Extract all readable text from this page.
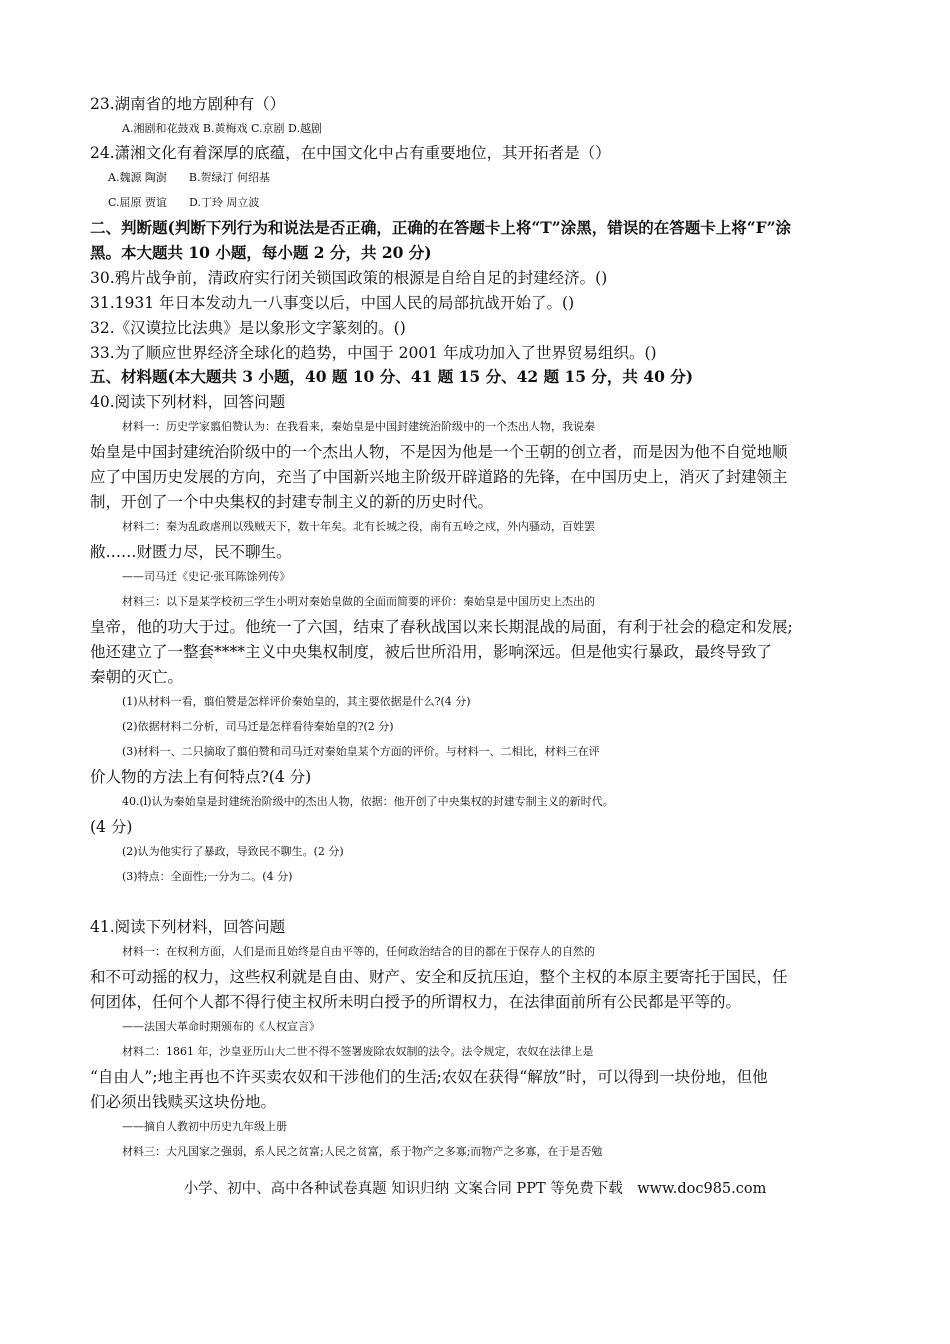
23.湖南省的地方剧种有（）
A.湘剧和花鼓戏 B.黄梅戏 C.京剧 D.越剧
24.潇湘文化有着深厚的底蕴，在中国文化中占有重要地位，其开拓者是（）
A.魏源 陶澍　　B.贺绿汀 何绍基
C.屈原 贾谊　　D.丁玲 周立波
二、判断题(判断下列行为和说法是否正确，正确的在答题卡上将“T”涂黑，错误的在答题卡上将“F”涂
黑。本大题共 10 小题，每小题 2 分，共 20 分)
30.鸦片战争前，清政府实行闭关锁国政策的根源是自给自足的封建经济。()
31.1931 年日本发动九一八事变以后，中国人民的局部抗战开始了。()
32.《汉谟拉比法典》是以象形文字篆刻的。()
33.为了顺应世界经济全球化的趋势，中国于 2001 年成功加入了世界贸易组织。()
五、材料题(本大题共 3 小题，40 题 10 分、41 题 15 分、42 题 15 分，共 40 分)
40.阅读下列材料，回答问题
材料一：历史学家翦伯赞认为：在我看来，秦始皇是中国封建统治阶级中的一个杰出人物，我说秦
始皇是中国封建统治阶级中的一个杰出人物，不是因为他是一个王朝的创立者，而是因为他不自觉地顺
应了中国历史发展的方向，充当了中国新兴地主阶级开辟道路的先锋，在中国历史上，消灭了封建领主
制，开创了一个中央集权的封建专制主义的新的历史时代。
材料二：秦为乱政虐刑以残贼天下，数十年矣。北有长城之役，南有五岭之戍，外内骚动，百姓罢
敝……财匮力尽，民不聊生。
——司马迁《史记·张耳陈馀列传》
材料三：以下是某学校初三学生小明对秦始皇做的全面而简要的评价：秦始皇是中国历史上杰出的
皇帝，他的功大于过。他统一了六国，结束了春秋战国以来长期混战的局面，有利于社会的稳定和发展;
他还建立了一整套****主义中央集权制度，被后世所沿用，影响深远。但是他实行暴政，最终导致了
秦朝的灭亡。
(1)从材料一看，翦伯赞是怎样评价秦始皇的，其主要依据是什么?(4 分)
(2)依据材料二分析，司马迁是怎样看待秦始皇的?(2 分)
(3)材料一、二只摘取了翦伯赞和司马迁对秦始皇某个方面的评价。与材料一、二相比，材料三在评
价人物的方法上有何特点?(4 分)
40.(l)认为秦始皇是封建统治阶级中的杰出人物，依据：他开创了中央集权的封建专制主义的新时代。
(4 分)
(2)认为他实行了暴政，导致民不聊生。(2 分)
(3)特点：全面性;一分为二。(4 分)
41.阅读下列材料，回答问题
材料一：在权利方面，人们是而且始终是自由平等的，任何政治结合的目的都在于保存人的自然的
和不可动摇的权力，这些权利就是自由、财产、安全和反抗压迫，整个主权的本原主要寄托于国民，任
何团体，任何个人都不得行使主权所未明白授予的所谓权力，在法律面前所有公民都是平等的。
——法国大革命时期颁布的《人权宣言》
材料二：1861 年，沙皇亚历山大二世不得不签署废除农奴制的法令。法令规定，农奴在法律上是
“自由人”;地主再也不许买卖农奴和干涉他们的生活;农奴在获得“解放”时，可以得到一块份地，但他
们必须出钱赎买这块份地。
——摘自人教初中历史九年级上册
材料三：大凡国家之强弱，系人民之贫富;人民之贫富，系于物产之多寡;而物产之多寡，在于是否勉
小学、初中、高中各种试卷真题 知识归纳 文案合同 PPT 等免费下载　www.doc985.com
